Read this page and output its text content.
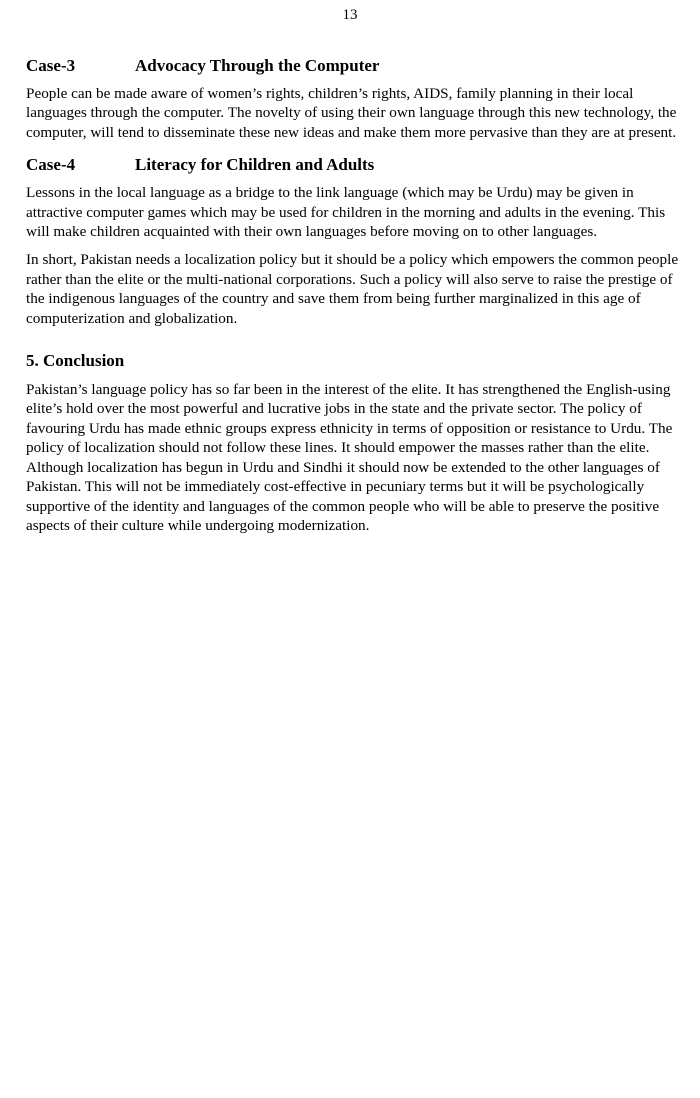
13
Case-3	Advocacy Through the Computer

People can be made aware of women’s rights, children’s rights, AIDS, family planning in their local languages through the computer. The novelty of using their own language through this new technology, the computer, will tend to disseminate these new ideas and make them more pervasive than they are at present.

Case-4	Literacy for Children and Adults

Lessons in the local language as a bridge to the link language (which may be Urdu) may be given in attractive computer games which may be used for children in the morning and adults in the evening. This will make children acquainted with their own languages before moving on to other languages.

In short, Pakistan needs a localization policy but it should be a policy which empowers the common people rather than the elite or the multi-national corporations. Such a policy will also serve to raise the prestige of the indigenous languages of the country and save them from being further marginalized in this age of computerization and globalization.

5. Conclusion

Pakistan’s language policy has so far been in the interest of the elite. It has strengthened the English-using elite’s hold over the most powerful and lucrative jobs in the state and the private sector. The policy of favouring Urdu has made ethnic groups express ethnicity in terms of opposition or resistance to Urdu. The policy of localization should not follow these lines. It should empower the masses rather than the elite. Although localization has begun in Urdu and Sindhi it should now be extended to the other languages of Pakistan. This will not be immediately cost-effective in pecuniary terms but it will be psychologically supportive of the identity and languages of the common people who will be able to preserve the positive aspects of their culture while undergoing modernization.
